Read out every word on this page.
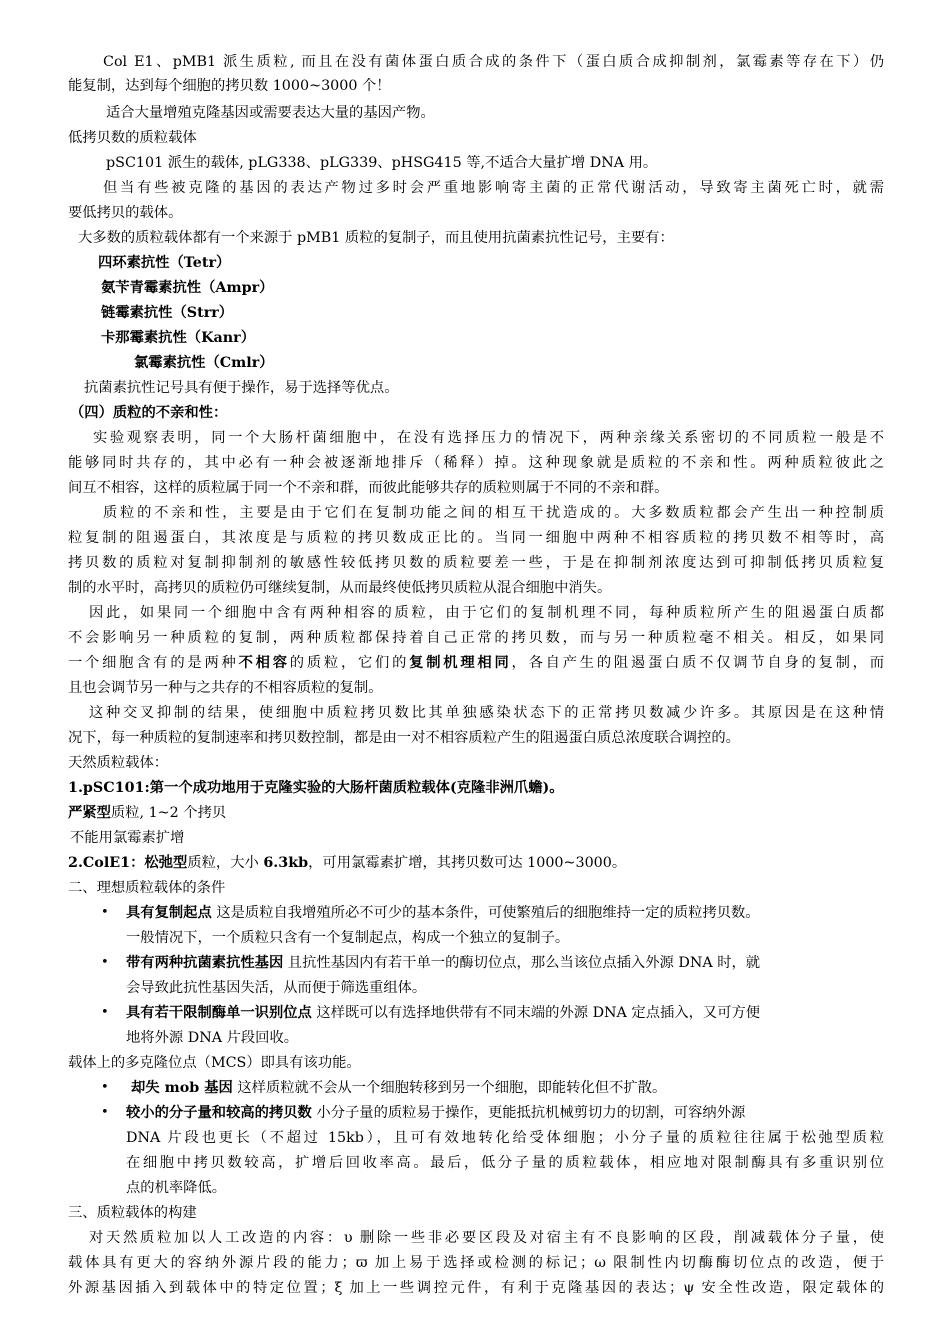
Col E1、pMB1 派生质粒, 而且在没有菌体蛋白质合成的条件下（蛋白质合成抑制剂，氯霉素等存在下）仍
能复制，达到每个细胞的拷贝数 1000~3000 个！
适合大量增殖克隆基因或需要表达大量的基因产物。
低拷贝数的质粒载体
pSC101 派生的载体, pLG338、pLG339、pHSG415 等,不适合大量扩增 DNA 用。
但当有些被克隆的基因的表达产物过多时会严重地影响寄主菌的正常代谢活动，导致寄主菌死亡时，就需
要低拷贝的载体。
大多数的质粒载体都有一个来源于 pMB1 质粒的复制子，而且使用抗菌素抗性记号，主要有：
四环素抗性（Tetr）
氨苄青霉素抗性（Ampr）
链霉素抗性（Strr）
卡那霉素抗性（Kanr）
氯霉素抗性（Cmlr）
抗菌素抗性记号具有便于操作，易于选择等优点。
（四）质粒的不亲和性：
实验观察表明，同一个大肠杆菌细胞中，在没有选择压力的情况下，两种亲缘关系密切的不同质粒一般是不
能够同时共存的，其中必有一种会被逐渐地排斥（稀释）掉。这种现象就是质粒的不亲和性。两种质粒彼此之
间互不相容，这样的质粒属于同一个不亲和群，而彼此能够共存的质粒则属于不同的不亲和群。
质粒的不亲和性，主要是由于它们在复制功能之间的相互干扰造成的。大多数质粒都会产生出一种控制质
粒复制的阻遏蛋白，其浓度是与质粒的拷贝数成正比的。当同一细胞中两种不相容质粒的拷贝数不相等时，高
拷贝数的质粒对复制抑制剂的敏感性较低拷贝数的质粒要差一些，于是在抑制剂浓度达到可抑制低拷贝质粒复
制的水平时，高拷贝的质粒仍可继续复制，从而最终使低拷贝质粒从混合细胞中消失。
因此，如果同一个细胞中含有两种相容的质粒，由于它们的复制机理不同，每种质粒所产生的阻遏蛋白质都
不会影响另一种质粒的复制，两种质粒都保持着自己正常的拷贝数，而与另一种质粒毫不相关。相反，如果同
一个细胞含有的是两种不相容的质粒，它们的复制机理相同，各自产生的阻遏蛋白质不仅调节自身的复制，而
且也会调节另一种与之共存的不相容质粒的复制。
这种交叉抑制的结果，使细胞中质粒拷贝数比其单独感染状态下的正常拷贝数减少许多。其原因是在这种情
况下，每一种质粒的复制速率和拷贝数控制，都是由一对不相容质粒产生的阻遏蛋白质总浓度联合调控的。
天然质粒载体：
1.pSC101:第一个成功地用于克隆实验的大肠杆菌质粒载体(克隆非洲爪蟾)。
严紧型质粒, 1~2 个拷贝
不能用氯霉素扩增
2.ColE1：松弛型质粒，大小 6.3kb，可用氯霉素扩增，其拷贝数可达 1000~3000。
二、理想质粒载体的条件
• 具有复制起点 这是质粒自我增殖所必不可少的基本条件，可使繁殖后的细胞维持一定的质粒拷贝数。
一般情况下，一个质粒只含有一个复制起点，构成一个独立的复制子。
• 带有两种抗菌素抗性基因 且抗性基因内有若干单一的酶切位点，那么当该位点插入外源 DNA 时，就
会导致此抗性基因失活，从而便于筛选重组体。
• 具有若干限制酶单一识别位点 这样既可以有选择地供带有不同末端的外源 DNA 定点插入，又可方便
地将外源 DNA 片段回收。
载体上的多克隆位点（MCS）即具有该功能。
• 却失 mob 基因 这样质粒就不会从一个细胞转移到另一个细胞，即能转化但不扩散。
• 较小的分子量和较高的拷贝数 小分子量的质粒易于操作，更能抵抗机械剪切力的切割，可容纳外源
DNA 片段也更长（不超过 15kb），且可有效地转化给受体细胞；小分子量的质粒往往属于松弛型质粒
在细胞中拷贝数较高，扩增后回收率高。最后，低分子量的质粒载体，相应地对限制酶具有多重识别位
点的机率降低。
三、质粒载体的构建
对天然质粒加以人工改造的内容：υ 删除一些非必要区段及对宿主有不良影响的区段，削减载体分子量，使
载体具有更大的容纳外源片段的能力；ϖ 加上易于选择或检测的标记；ω 限制性内切酶酶切位点的改造，便于
外源基因插入到载体中的特定位置；ξ 加上一些调控元件，有利于克隆基因的表达；ψ 安全性改造，限定载体的
